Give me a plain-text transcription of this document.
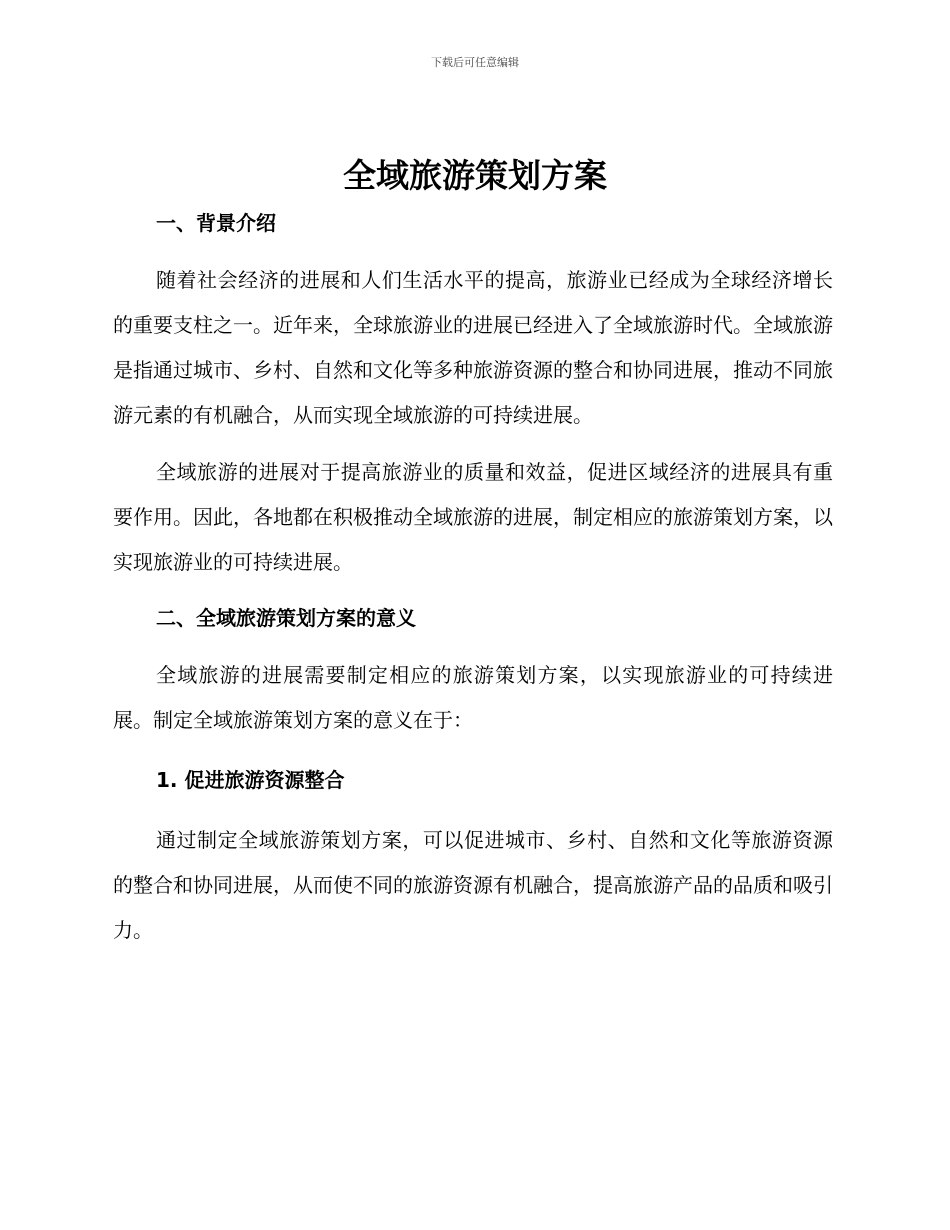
下载后可任意编辑
全域旅游策划方案

一、背景介绍

随着社会经济的进展和人们生活水平的提高，旅游业已经成为全球经济增长的重要支柱之一。近年来，全球旅游业的进展已经进入了全域旅游时代。全域旅游是指通过城市、乡村、自然和文化等多种旅游资源的整合和协同进展，推动不同旅游元素的有机融合，从而实现全域旅游的可持续进展。

全域旅游的进展对于提高旅游业的质量和效益，促进区域经济的进展具有重要作用。因此，各地都在积极推动全域旅游的进展，制定相应的旅游策划方案，以实现旅游业的可持续进展。

二、全域旅游策划方案的意义

全域旅游的进展需要制定相应的旅游策划方案，以实现旅游业的可持续进展。制定全域旅游策划方案的意义在于：

1. 促进旅游资源整合

通过制定全域旅游策划方案，可以促进城市、乡村、自然和文化等旅游资源的整合和协同进展，从而使不同的旅游资源有机融合，提高旅游产品的品质和吸引力。
